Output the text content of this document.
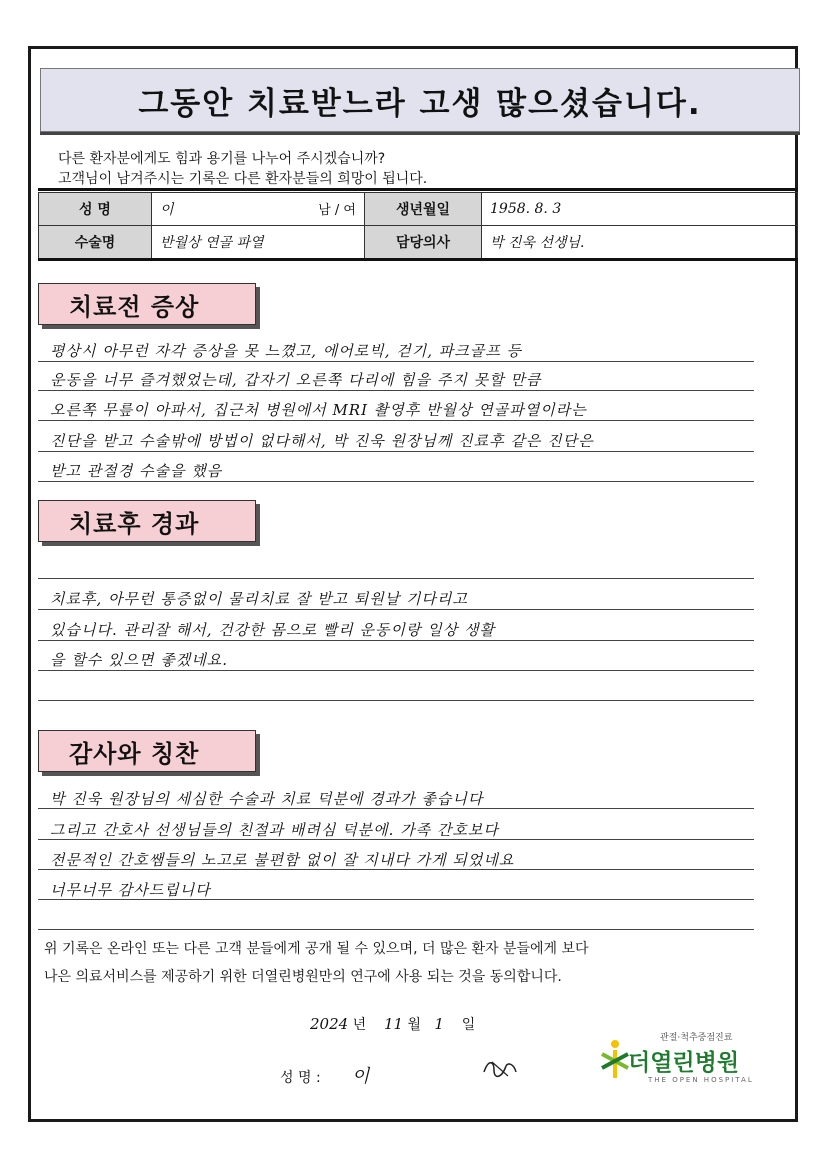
그동안 치료받느라 고생 많으셨습니다.
다른 환자분에게도 힘과 용기를 나누어 주시겠습니까?
고객님이 남겨주시는 기록은 다른 환자분들의 희망이 됩니다.
성 명	이 남 / 여	생년월일	1958. 8. 3
수술명	반월상 연골 파열	담당의사	박 진욱 선생님.
치료전 증상
평상시 아무런 자각 증상을 못 느꼈고, 에어로빅, 걷기, 파크골프 등
운동을 너무 즐겨했었는데, 갑자기 오른쪽 다리에 힘을 주지 못할 만큼
오른쪽 무릎이 아파서, 집근처 병원에서 MRI 촬영후 반월상 연골파열이라는
진단을 받고 수술밖에 방법이 없다해서, 박 진욱 원장님께 진료후 같은 진단은
받고 관절경 수술을 했음
치료후 경과
치료후, 아무런 통증없이 물리치료 잘 받고 퇴원날 기다리고
있습니다. 관리잘 해서, 건강한 몸으로 빨리 운동이랑 일상 생활
을 할수 있으면 좋겠네요.
감사와 칭찬
박 진욱 원장님의 세심한 수술과 치료 덕분에 경과가 좋습니다
그리고 간호사 선생님들의 친절과 배려심 덕분에. 가족 간호보다
전문적인 간호쌤들의 노고로 불편함 없이 잘 지내다 가게 되었네요
너무너무 감사드립니다
위 기록은 온라인 또는 다른 고객 분들에게 공개 될 수 있으며, 더 많은 환자 분들에게 보다
나은 의료서비스를 제공하기 위한 더열린병원만의 연구에 사용 되는 것을 동의합니다.
2024 년 11 월 1 일
성 명 : 이
관절·척추중점진료
더열린병원
THE OPEN HOSPITAL
